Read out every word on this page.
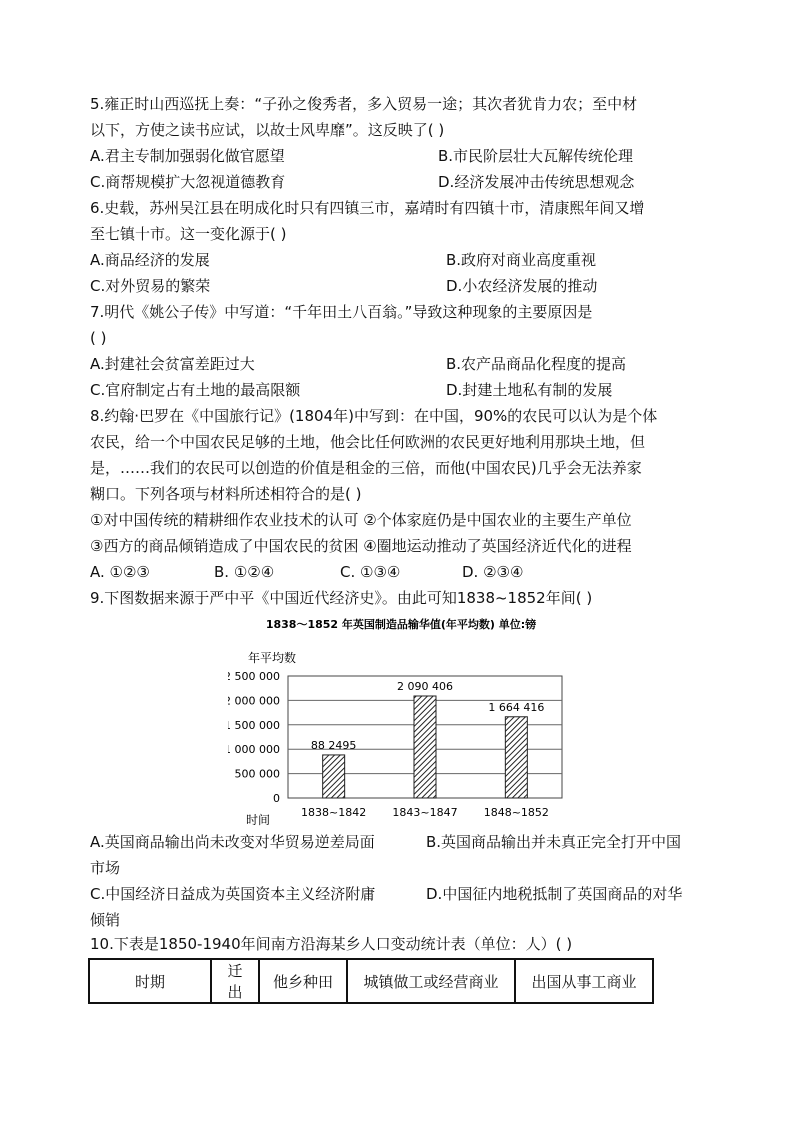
5.雍正时山西巡抚上奏：“子孙之俊秀者，多入贸易一途；其次者犹肯力农；至中材
以下，方使之读书应试，以故士风卑靡”。这反映了( )
A.君主专制加强弱化做官愿望	B.市民阶层壮大瓦解传统伦理
C.商帮规模扩大忽视道德教育	D.经济发展冲击传统思想观念
6.史载，苏州吴江县在明成化时只有四镇三市，嘉靖时有四镇十市，清康熙年间又增
至七镇十市。这一变化源于( )
A.商品经济的发展	B.政府对商业高度重视
C.对外贸易的繁荣	D.小农经济发展的推动
7.明代《姚公子传》中写道：“千年田土八百翁。”导致这种现象的主要原因是
( )
A.封建社会贫富差距过大	B.农产品商品化程度的提高
C.官府制定占有土地的最高限额	D.封建土地私有制的发展
8.约翰·巴罗在《中国旅行记》(1804年)中写到：在中国，90%的农民可以认为是个体
农民，给一个中国农民足够的土地，他会比任何欧洲的农民更好地利用那块土地，但
是，……我们的农民可以创造的价值是租金的三倍，而他(中国农民)几乎会无法养家
糊口。下列各项与材料所述相符合的是( )
①对中国传统的精耕细作农业技术的认可 ②个体家庭仍是中国农业的主要生产单位
③西方的商品倾销造成了中国农民的贫困 ④圈地运动推动了英国经济近代化的进程
A. ①②③	B. ①②④	C. ①③④	D. ②③④
9.下图数据来源于严中平《中国近代经济史》。由此可知1838~1852年间( )
1838～1852 年英国制造品输华值(年平均数) 单位:镑
年平均数
时间
2 500 000
2 000 000
1 500 000
1 000 000
500 000
0
88 2495
1838~1842
2 090 406
1843~1847
1 664 416
1848~1852
A.英国商品输出尚未改变对华贸易逆差局面	B.英国商品输出并未真正完全打开中国
市场
C.中国经济日益成为英国资本主义经济附庸	D.中国征内地税抵制了英国商品的对华
倾销
10.下表是1850-1940年间南方沿海某乡人口变动统计表（单位：人）( )
时期	迁出	他乡种田	城镇做工或经营商业	出国从事工商业
